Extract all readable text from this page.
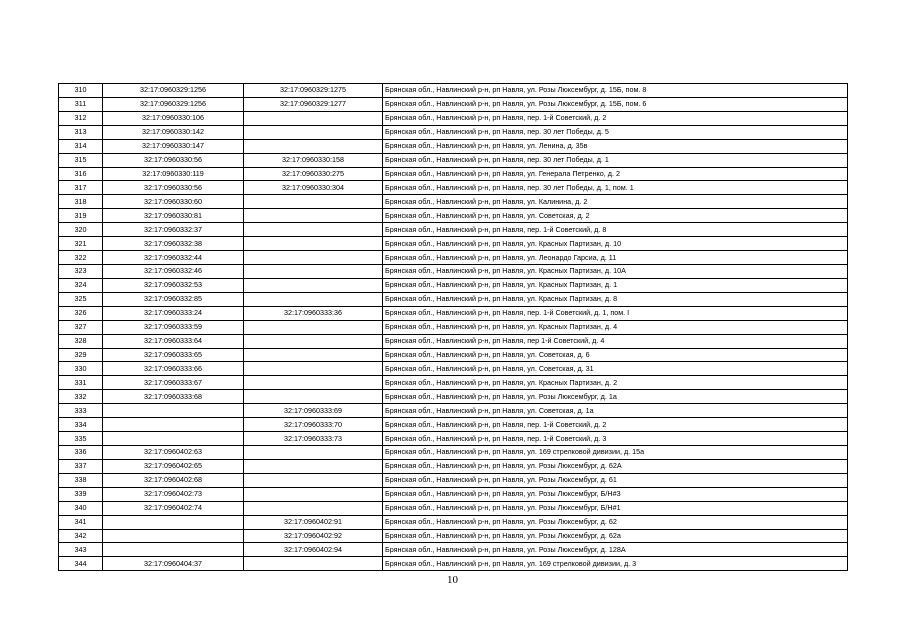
310	32:17:0960329:1256	32:17:0960329:1275	Брянская обл., Навлинский р-н, рп Навля, ул. Розы Люксембург, д. 15Б, пом. 8
311	32:17:0960329:1256	32:17:0960329:1277	Брянская обл., Навлинский р-н, рп Навля, ул. Розы Люксембург, д. 15Б, пом. 6
312	32:17:0960330:106		Брянская обл., Навлинский р-н, рп Навля, пер. 1-й Советский, д. 2
313	32:17:0960330:142		Брянская обл., Навлинский р-н, рп Навля, пер. 30 лет Победы, д. 5
314	32:17:0960330:147		Брянская обл., Навлинский р-н, рп Навля, ул. Ленина, д. 35в
315	32:17:0960330:56	32:17:0960330:158	Брянская обл., Навлинский р-н, рп Навля, пер. 30 лет Победы, д. 1
316	32:17:0960330:119	32:17:0960330:275	Брянская обл., Навлинский р-н, рп Навля, ул. Генерала Петренко, д. 2
317	32:17:0960330:56	32:17:0960330:304	Брянская обл., Навлинский р-н, рп Навля, пер. 30 лет Победы, д. 1, пом. 1
318	32:17:0960330:60		Брянская обл., Навлинский р-н, рп Навля, ул. Калинина, д. 2
319	32:17:0960330:81		Брянская обл., Навлинский р-н, рп Навля, ул. Советская, д. 2
320	32:17:0960332:37		Брянская обл., Навлинский р-н, рп Навля, пер. 1-й Советский, д. 8
321	32:17:0960332:38		Брянская обл., Навлинский р-н, рп Навля, ул. Красных Партизан, д. 10
322	32:17:0960332:44		Брянская обл., Навлинский р-н, рп Навля, ул. Леонардо Гарсиа, д. 11
323	32:17:0960332:46		Брянская обл., Навлинский р-н, рп Навля, ул. Красных Партизан, д. 10А
324	32:17:0960332:53		Брянская обл., Навлинский р-н, рп Навля, ул. Красных Партизан, д. 1
325	32:17:0960332:85		Брянская обл., Навлинский р-н, рп Навля, ул. Красных Партизан, д. 8
326	32:17:0960333:24	32:17:0960333:36	Брянская обл., Навлинский р-н, рп Навля, пер. 1-й Советский, д. 1, пом. I
327	32:17:0960333:59		Брянская обл., Навлинский р-н, рп Навля, ул. Красных Партизан, д. 4
328	32:17:0960333:64		Брянская обл., Навлинский р-н, рп Навля, пер 1-й Советский, д. 4
329	32:17:0960333:65		Брянская обл., Навлинский р-н, рп Навля, ул. Советская, д. 6
330	32:17:0960333:66		Брянская обл., Навлинский р-н, рп Навля, ул. Советская, д. 31
331	32:17:0960333:67		Брянская обл., Навлинский р-н, рп Навля, ул. Красных Партизан, д. 2
332	32:17:0960333:68		Брянская обл., Навлинский р-н, рп Навля, ул. Розы Люксембург, д. 1а
333		32:17:0960333:69	Брянская обл., Навлинский р-н, рп Навля, ул. Советская, д. 1а
334		32:17:0960333:70	Брянская обл., Навлинский р-н, рп Навля, пер. 1-й Советский, д. 2
335		32:17:0960333:73	Брянская обл., Навлинский р-н, рп Навля, пер. 1-й Советский, д. 3
336	32:17:0960402:63		Брянская обл., Навлинский р-н, рп Навля, ул. 169 стрелковой дивизии, д. 15а
337	32:17:0960402:65		Брянская обл., Навлинский р-н, рп Навля, ул. Розы Люксембург, д. 62А
338	32:17:0960402:68		Брянская обл., Навлинский р-н, рп Навля, ул. Розы Люксембург, д. 61
339	32:17:0960402:73		Брянская обл., Навлинский р-н, рп Навля, ул. Розы Люксембург, Б/Н#3
340	32:17:0960402:74		Брянская обл., Навлинский р-н, рп Навля, ул. Розы Люксембург, Б/Н#1
341		32:17:0960402:91	Брянская обл., Навлинский р-н, рп Навля, ул. Розы Люксембург, д. 62
342		32:17:0960402:92	Брянская обл., Навлинский р-н, рп Навля, ул. Розы Люксембург, д. 62а
343		32:17:0960402:94	Брянская обл., Навлинский р-н, рп Навля, ул. Розы Люксембург, д. 128А
344	32:17:0960404:37		Брянская обл., Навлинский р-н, рп Навля, ул. 169 стрелковой дивизии, д. 3
10
